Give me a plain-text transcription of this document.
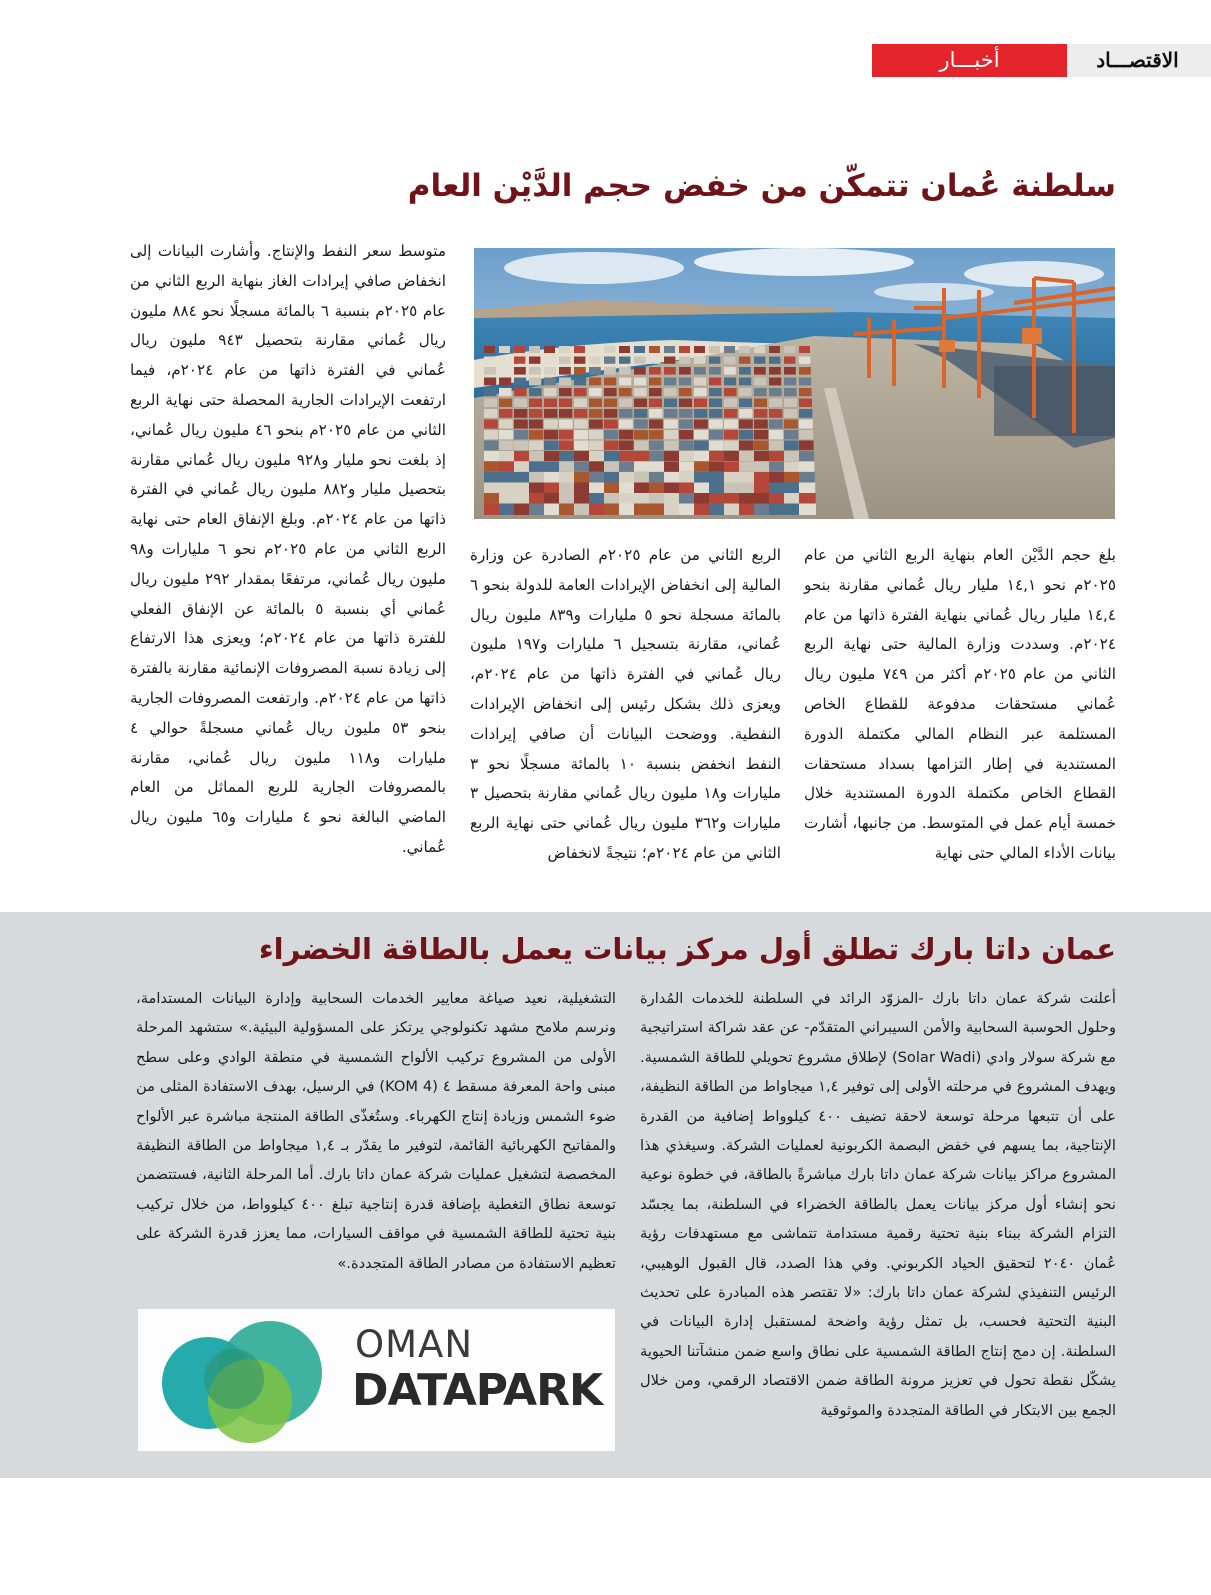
أخبـــار	الاقتصـــاد
سلطنة عُمان تتمكّن من خفض حجم الدَّيْن العام

بلغ حجم الدَّيْن العام بنهاية الربع الثاني من عام ٢٠٢٥م نحو ١٤,١ مليار ريال عُماني مقارنة بنحو ١٤,٤ مليار ريال عُماني بنهاية الفترة ذاتها من عام ٢٠٢٤م. وسددت وزارة المالية حتى نهاية الربع الثاني من عام ٢٠٢٥م أكثر من ٧٤٩ مليون ريال عُماني مستحقات مدفوعة للقطاع الخاص المستلمة عبر النظام المالي مكتملة الدورة المستندية في إطار التزامها بسداد مستحقات القطاع الخاص مكتملة الدورة المستندية خلال خمسة أيام عمل في المتوسط. من جانبها، أشارت بيانات الأداء المالي حتى نهاية

الربع الثاني من عام ٢٠٢٥م الصادرة عن وزارة المالية إلى انخفاض الإيرادات العامة للدولة بنحو ٦ بالمائة مسجلة نحو ٥ مليارات و٨٣٩ مليون ريال عُماني، مقارنة بتسجيل ٦ مليارات و١٩٧ مليون ريال عُماني في الفترة ذاتها من عام ٢٠٢٤م، ويعزى ذلك بشكل رئيس إلى انخفاض الإيرادات النفطية. ووضحت البيانات أن صافي إيرادات النفط انخفض بنسبة ١٠ بالمائة مسجلًا نحو ٣ مليارات و١٨ مليون ريال عُماني مقارنة بتحصيل ٣ مليارات و٣٦٢ مليون ريال عُماني حتى نهاية الربع الثاني من عام ٢٠٢٤م؛ نتيجةً لانخفاض

متوسط سعر النفط والإنتاج. وأشارت البيانات إلى انخفاض صافي إيرادات الغاز بنهاية الربع الثاني من عام ٢٠٢٥م بنسبة ٦ بالمائة مسجلًا نحو ٨٨٤ مليون ريال عُماني مقارنة بتحصيل ٩٤٣ مليون ريال عُماني في الفترة ذاتها من عام ٢٠٢٤م، فيما ارتفعت الإيرادات الجارية المحصلة حتى نهاية الربع الثاني من عام ٢٠٢٥م بنحو ٤٦ مليون ريال عُماني، إذ بلغت نحو مليار و٩٢٨ مليون ريال عُماني مقارنة بتحصيل مليار و٨٨٢ مليون ريال عُماني في الفترة ذاتها من عام ٢٠٢٤م. وبلغ الإنفاق العام حتى نهاية الربع الثاني من عام ٢٠٢٥م نحو ٦ مليارات و٩٨ مليون ريال عُماني، مرتفعًا بمقدار ٢٩٢ مليون ريال عُماني أي بنسبة ٥ بالمائة عن الإنفاق الفعلي للفترة ذاتها من عام ٢٠٢٤م؛ ويعزى هذا الارتفاع إلى زيادة نسبة المصروفات الإنمائية مقارنة بالفترة ذاتها من عام ٢٠٢٤م. وارتفعت المصروفات الجارية بنحو ٥٣ مليون ريال عُماني مسجلةً حوالي ٤ مليارات و١١٨ مليون ريال عُماني، مقارنة بالمصروفات الجارية للربع المماثل من العام الماضي البالغة نحو ٤ مليارات و٦٥ مليون ريال عُماني.

عمان داتا بارك تطلق أول مركز بيانات يعمل بالطاقة الخضراء

أعلنت شركة عمان داتا بارك -المزوّد الرائد في السلطنة للخدمات المُدارة وحلول الحوسبة السحابية والأمن السيبراني المتقدّم- عن عقد شراكة استراتيجية مع شركة سولار وادي (Solar Wadi) لإطلاق مشروع تحويلي للطاقة الشمسية. ويهدف المشروع في مرحلته الأولى إلى توفير ١,٤ ميجاواط من الطاقة النظيفة، على أن تتبعها مرحلة توسعة لاحقة تضيف ٤٠٠ كيلوواط إضافية من القدرة الإنتاجية، بما يسهم في خفض البصمة الكربونية لعمليات الشركة. وسيغذي هذا المشروع مراكز بيانات شركة عمان داتا بارك مباشرةً بالطاقة، في خطوة نوعية نحو إنشاء أول مركز بيانات يعمل بالطاقة الخضراء في السلطنة، بما يجسّد التزام الشركة ببناء بنية تحتية رقمية مستدامة تتماشى مع مستهدفات رؤية عُمان ٢٠٤٠ لتحقيق الحياد الكربوني. وفي هذا الصدد، قال القبول الوهيبي، الرئيس التنفيذي لشركة عمان داتا بارك: «لا تقتصر هذه المبادرة على تحديث البنية التحتية فحسب، بل تمثل رؤية واضحة لمستقبل إدارة البيانات في السلطنة. إن دمج إنتاج الطاقة الشمسية على نطاق واسع ضمن منشآتنا الحيوية يشكّل نقطة تحول في تعزيز مرونة الطاقة ضمن الاقتصاد الرقمي، ومن خلال الجمع بين الابتكار في الطاقة المتجددة والموثوقية

التشغيلية، نعيد صياغة معايير الخدمات السحابية وإدارة البيانات المستدامة، ونرسم ملامح مشهد تكنولوجي يرتكز على المسؤولية البيئية.» ستشهد المرحلة الأولى من المشروع تركيب الألواح الشمسية في منطقة الوادي وعلى سطح مبنى واحة المعرفة مسقط ٤ (4 KOM) في الرسيل، بهدف الاستفادة المثلى من ضوء الشمس وزيادة إنتاج الكهرباء. وستُغذّى الطاقة المنتجة مباشرة عبر الألواح والمفاتيح الكهربائية القائمة، لتوفير ما يقدّر بـ ١,٤ ميجاواط من الطاقة النظيفة المخصصة لتشغيل عمليات شركة عمان داتا بارك. أما المرحلة الثانية، فستتضمن توسعة نطاق التغطية بإضافة قدرة إنتاجية تبلغ ٤٠٠ كيلوواط، من خلال تركيب بنية تحتية للطاقة الشمسية في مواقف السيارات، مما يعزز قدرة الشركة على تعظيم الاستفادة من مصادر الطاقة المتجددة.»

OMAN
DATAPARK
